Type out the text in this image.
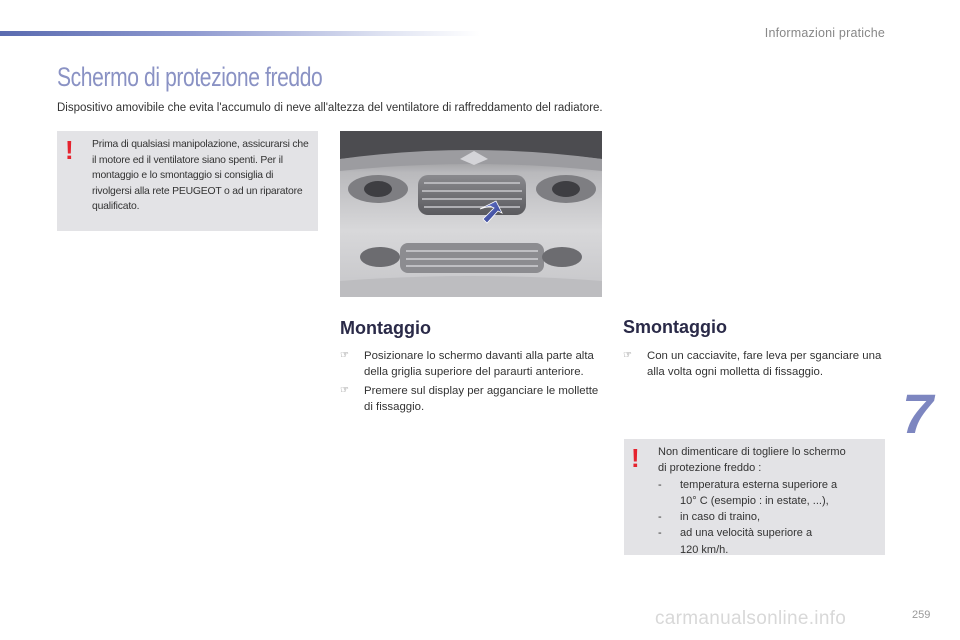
Informazioni pratiche
Schermo di protezione freddo
Dispositivo amovibile che evita l'accumulo di neve all'altezza del ventilatore di raffreddamento del radiatore.
! Prima di qualsiasi manipolazione, assicurarsi che il motore ed il ventilatore siano spenti. Per il montaggio e lo smontaggio si consiglia di rivolgersi alla rete PEUGEOT o ad un riparatore qualificato.
Montaggio
☞	Posizionare lo schermo davanti alla parte alta della griglia superiore del paraurti anteriore.
☞	Premere sul display per agganciare le mollette di fissaggio.
Smontaggio
☞	Con un cacciavite, fare leva per sganciare una alla volta ogni molletta di fissaggio.
! Non dimenticare di togliere lo schermo
di protezione freddo :
-	temperatura esterna superiore a
10° C (esempio : in estate, ...),
-	in caso di traino,
-	ad una velocità superiore a
120 km/h.
7
carmanualsonline.info	259
